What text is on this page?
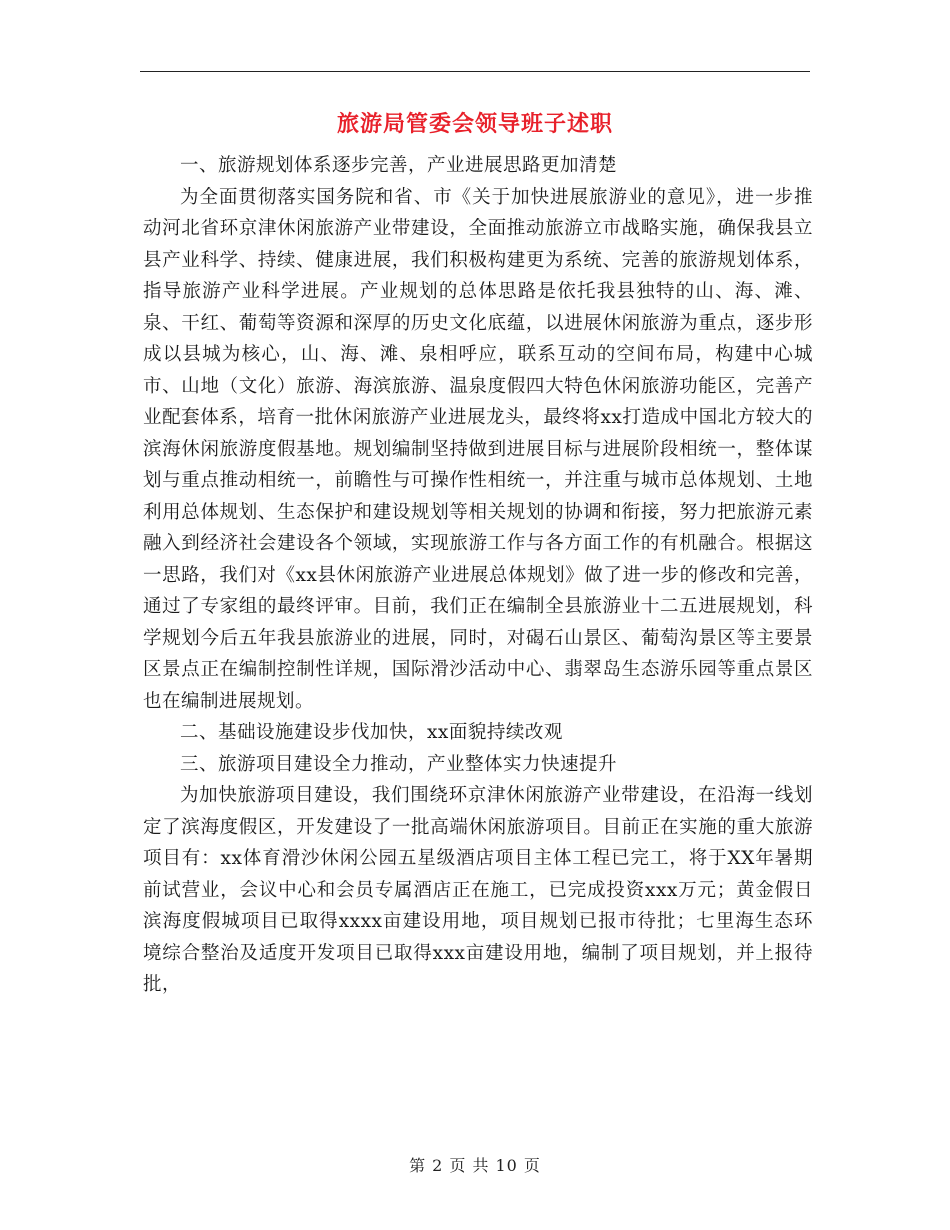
旅游局管委会领导班子述职

一、旅游规划体系逐步完善，产业进展思路更加清楚

为全面贯彻落实国务院和省、市《关于加快进展旅游业的意见》，进一步推动河北省环京津休闲旅游产业带建设，全面推动旅游立市战略实施，确保我县立县产业科学、持续、健康进展，我们积极构建更为系统、完善的旅游规划体系，指导旅游产业科学进展。产业规划的总体思路是依托我县独特的山、海、滩、泉、干红、葡萄等资源和深厚的历史文化底蕴，以进展休闲旅游为重点，逐步形成以县城为核心，山、海、滩、泉相呼应，联系互动的空间布局，构建中心城市、山地（文化）旅游、海滨旅游、温泉度假四大特色休闲旅游功能区，完善产业配套体系，培育一批休闲旅游产业进展龙头，最终将xx打造成中国北方较大的滨海休闲旅游度假基地。规划编制坚持做到进展目标与进展阶段相统一，整体谋划与重点推动相统一，前瞻性与可操作性相统一，并注重与城市总体规划、土地利用总体规划、生态保护和建设规划等相关规划的协调和衔接，努力把旅游元素融入到经济社会建设各个领域，实现旅游工作与各方面工作的有机融合。根据这一思路，我们对《xx县休闲旅游产业进展总体规划》做了进一步的修改和完善，通过了专家组的最终评审。目前，我们正在编制全县旅游业十二五进展规划，科学规划今后五年我县旅游业的进展，同时，对碣石山景区、葡萄沟景区等主要景区景点正在编制控制性详规，国际滑沙活动中心、翡翠岛生态游乐园等重点景区也在编制进展规划。

二、基础设施建设步伐加快，xx面貌持续改观

三、旅游项目建设全力推动，产业整体实力快速提升

为加快旅游项目建设，我们围绕环京津休闲旅游产业带建设，在沿海一线划定了滨海度假区，开发建设了一批高端休闲旅游项目。目前正在实施的重大旅游项目有：xx体育滑沙休闲公园五星级酒店项目主体工程已完工，将于XX年暑期前试营业，会议中心和会员专属酒店正在施工，已完成投资xxx万元；黄金假日滨海度假城项目已取得xxxx亩建设用地，项目规划已报市待批；七里海生态环境综合整治及适度开发项目已取得xxx亩建设用地，编制了项目规划，并上报待批，

第 2 页 共 10 页
